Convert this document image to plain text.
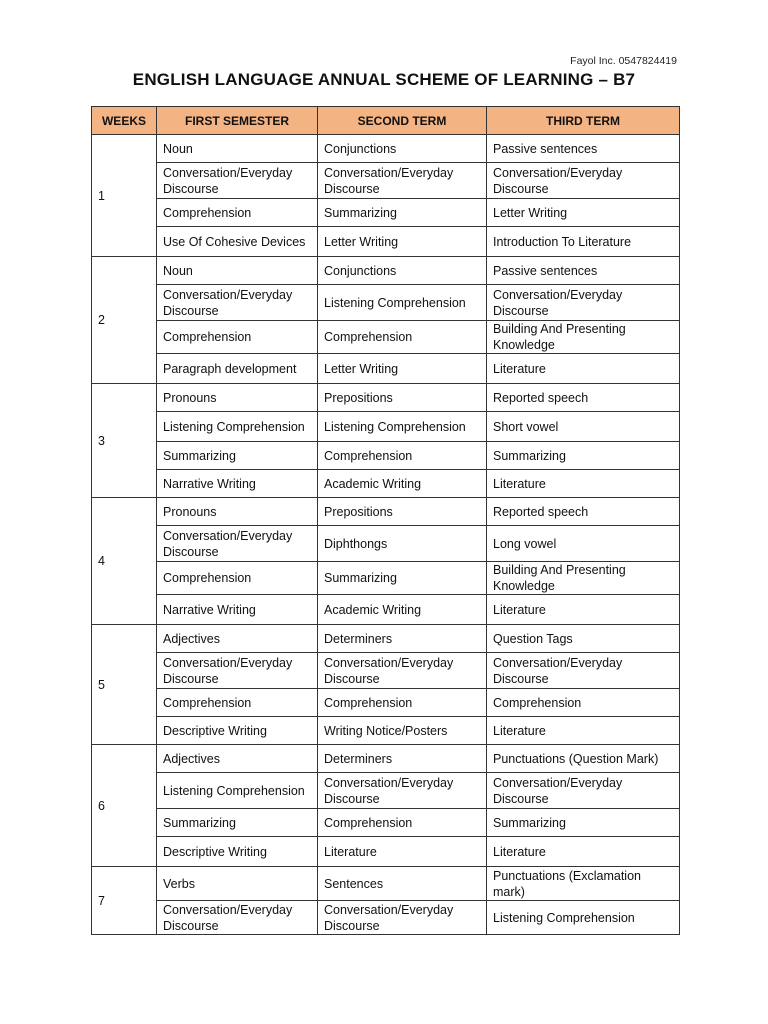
Fayol Inc. 0547824419
ENGLISH LANGUAGE ANNUAL SCHEME OF LEARNING – B7
WEEKS	FIRST SEMESTER	SECOND TERM	THIRD TERM
1	Noun	Conjunctions	Passive sentences
	Conversation/Everyday Discourse	Conversation/Everyday Discourse	Conversation/Everyday Discourse
	Comprehension	Summarizing	Letter Writing
	Use Of Cohesive Devices	Letter Writing	Introduction To Literature
2	Noun	Conjunctions	Passive sentences
	Conversation/Everyday Discourse	Listening Comprehension	Conversation/Everyday Discourse
	Comprehension	Comprehension	Building And Presenting Knowledge
	Paragraph development	Letter Writing	Literature
3	Pronouns	Prepositions	Reported speech
	Listening Comprehension	Listening Comprehension	Short vowel
	Summarizing	Comprehension	Summarizing
	Narrative Writing	Academic Writing	Literature
4	Pronouns	Prepositions	Reported speech
	Conversation/Everyday Discourse	Diphthongs	Long vowel
	Comprehension	Summarizing	Building And Presenting Knowledge
	Narrative Writing	Academic Writing	Literature
5	Adjectives	Determiners	Question Tags
	Conversation/Everyday Discourse	Conversation/Everyday Discourse	Conversation/Everyday Discourse
	Comprehension	Comprehension	Comprehension
	Descriptive Writing	Writing Notice/Posters	Literature
6	Adjectives	Determiners	Punctuations (Question Mark)
	Listening Comprehension	Conversation/Everyday Discourse	Conversation/Everyday Discourse
	Summarizing	Comprehension	Summarizing
	Descriptive Writing	Literature	Literature
7	Verbs	Sentences	Punctuations (Exclamation mark)
	Conversation/Everyday Discourse	Conversation/Everyday Discourse	Listening Comprehension
